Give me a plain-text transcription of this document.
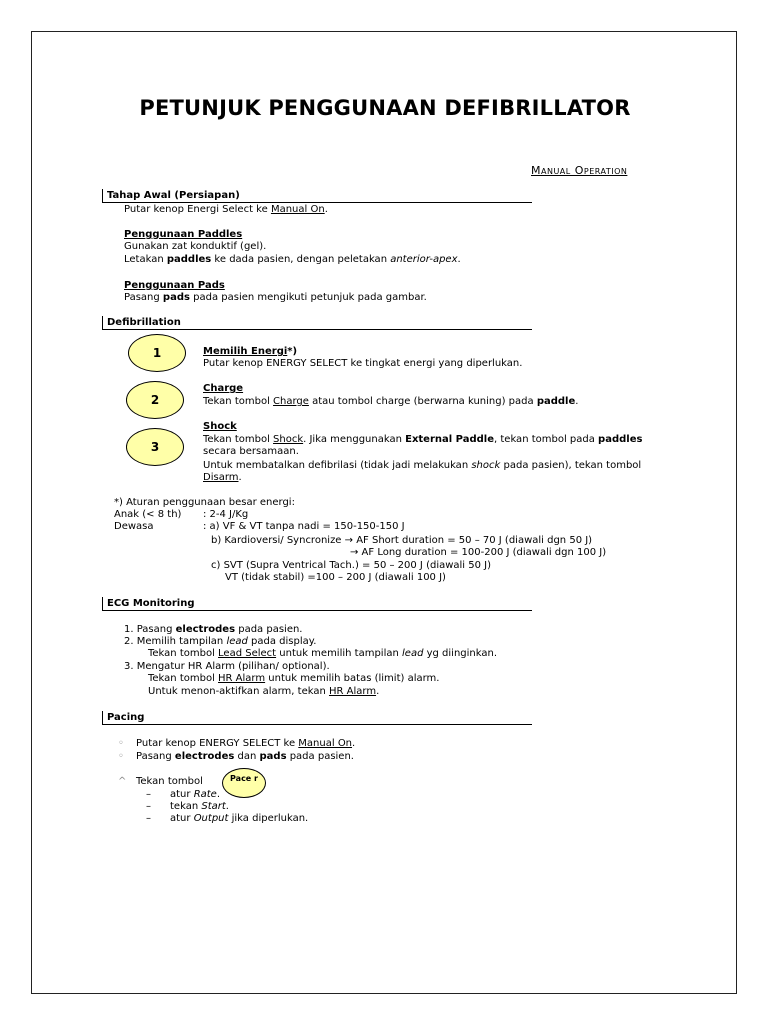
PETUNJUK PENGGUNAAN DEFIBRILLATOR
Manual Operation
Tahap Awal (Persiapan)
Putar kenop Energi Select ke Manual On.
Penggunaan Paddles
Gunakan zat konduktif (gel).
Letakan paddles ke dada pasien, dengan peletakan anterior-apex.
Penggunaan Pads
Pasang pads pada pasien mengikuti petunjuk pada gambar.
Defibrillation
1	Memilih Energi*)
Putar kenop ENERGY SELECT ke tingkat energi yang diperlukan.
2
Charge
Tekan tombol Charge atau tombol charge (berwarna kuning) pada paddle.
3
Shock
Tekan tombol Shock. Jika menggunakan External Paddle, tekan tombol pada paddles
secara bersamaan.
Untuk membatalkan defibrilasi (tidak jadi melakukan shock pada pasien), tekan tombol
Disarm.
*) Aturan penggunaan besar energi:
Anak (< 8 th) : 2-4 J/Kg
Dewasa	: a) VF & VT tanpa nadi = 150-150-150 J
b) Kardioversi/ Syncronize → AF Short duration = 50 – 70 J (diawali dgn 50 J)
→ AF Long duration = 100-200 J (diawali dgn 100 J)
c) SVT (Supra Ventrical Tach.) = 50 – 200 J (diawali 50 J)
VT (tidak stabil) =100 – 200 J (diawali 100 J)
ECG Monitoring
1. Pasang electrodes pada pasien.
2. Memilih tampilan lead pada display.
Tekan tombol Lead Select untuk memilih tampilan lead yg diinginkan.
3. Mengatur HR Alarm (pilihan/ optional).
Tekan tombol HR Alarm untuk memilih batas (limit) alarm.
Untuk menon-aktifkan alarm, tekan HR Alarm.
Pacing
◦ Putar kenop ENERGY SELECT ke Manual On.
◦ Pasang electrodes dan pads pada pasien.
^ Tekan tombol	Pace r
– atur Rate.
– tekan Start.
– atur Output jika diperlukan.
